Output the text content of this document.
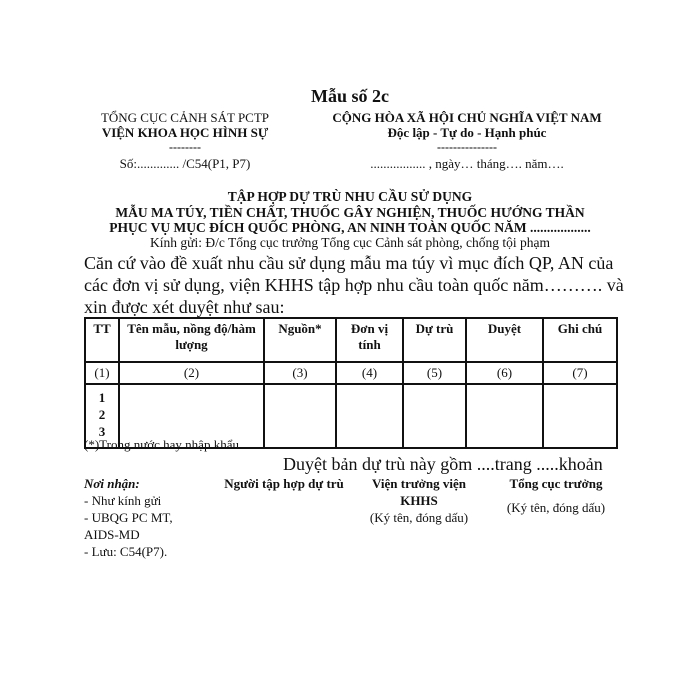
Mẫu số 2c
TỔNG CỤC CẢNH SÁT PCTP
VIỆN KHOA HỌC HÌNH SỰ
--------
Số:............. /C54(P1, P7)
CỘNG HÒA XÃ HỘI CHỦ NGHĨA VIỆT NAM
Độc lập - Tự do - Hạnh phúc
---------------
................. , ngày… tháng…. năm….
TẬP HỢP DỰ TRÙ NHU CẦU SỬ DỤNG
MẪU MA TÚY, TIỀN CHẤT, THUỐC GÂY NGHIỆN, THUỐC HƯỚNG THẦN
PHỤC VỤ MỤC ĐÍCH QUỐC PHÒNG, AN NINH TOÀN QUỐC NĂM ..................
Kính gửi: Đ/c Tổng cục trưởng Tổng cục Cảnh sát phòng, chống tội phạm
Căn cứ vào đề xuất nhu cầu sử dụng mẫu ma túy vì mục đích QP, AN của các đơn vị sử dụng, viện KHHS tập hợp nhu cầu toàn quốc năm………. và xin được xét duyệt như sau:
TT	Tên mẫu, nồng độ/hàm lượng	Nguồn*	Đơn vị tính	Dự trù	Duyệt	Ghi chú
(1)	(2)	(3)	(4)	(5)	(6)	(7)

1
2
3						

(*)Trong nước hay nhập khẩu
Duyệt bản dự trù này gồm ....trang .....khoản
Nơi nhận:
- Như kính gửi
- UBQG PC MT,
AIDS-MD
- Lưu: C54(P7).
Người tập hợp dự trù	Viện trưởng viện
KHHS
(Ký tên, đóng dấu)
Tổng cục trưởng
(Ký tên, đóng dấu)
